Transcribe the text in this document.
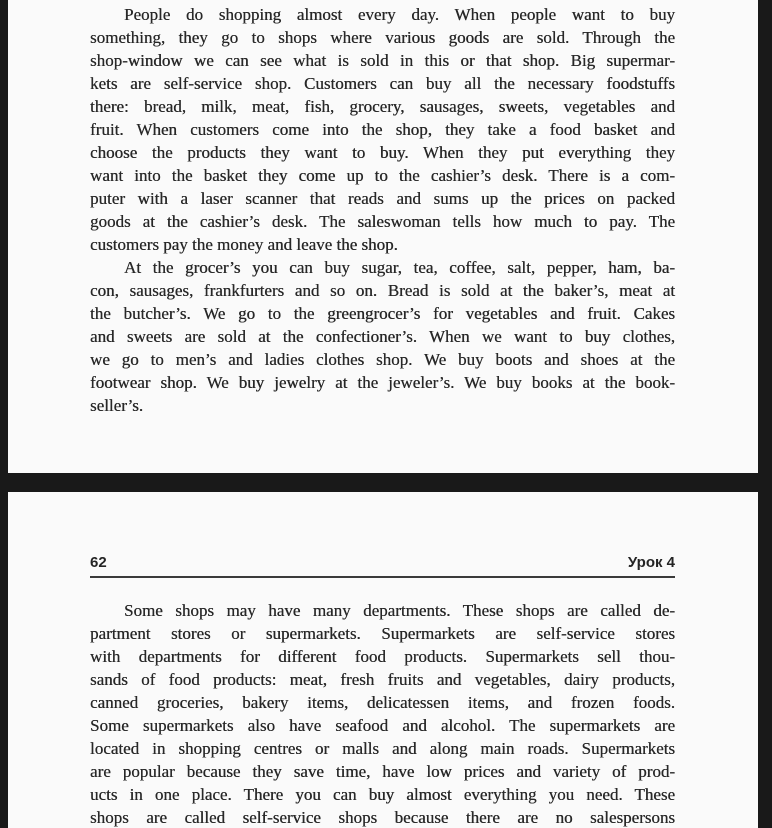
People do shopping almost every day. When people want to buy
something, they go to shops where various goods are sold. Through the
shop-window we can see what is sold in this or that shop. Big supermar-
kets are self-service shop. Customers can buy all the necessary foodstuffs
there: bread, milk, meat, fish, grocery, sausages, sweets, vegetables and
fruit. When customers come into the shop, they take a food basket and
choose the products they want to buy. When they put everything they
want into the basket they come up to the cashier’s desk. There is a com-
puter with a laser scanner that reads and sums up the prices on packed
goods at the cashier’s desk. The saleswoman tells how much to pay. The
customers pay the money and leave the shop.
At the grocer’s you can buy sugar, tea, coffee, salt, pepper, ham, ba-
con, sausages, frankfurters and so on. Bread is sold at the baker’s, meat at
the butcher’s. We go to the greengrocer’s for vegetables and fruit. Cakes
and sweets are sold at the confectioner’s. When we want to buy clothes,
we go to men’s and ladies clothes shop. We buy boots and shoes at the
footwear shop. We buy jewelry at the jeweler’s. We buy books at the book-
seller’s.
62	Урок 4
Some shops may have many departments. These shops are called de-
partment stores or supermarkets. Supermarkets are self-service stores
with departments for different food products. Supermarkets sell thou-
sands of food products: meat, fresh fruits and vegetables, dairy products,
canned groceries, bakery items, delicatessen items, and frozen foods.
Some supermarkets also have seafood and alcohol. The supermarkets are
located in shopping centres or malls and along main roads. Supermarkets
are popular because they save time, have low prices and variety of prod-
ucts in one place. There you can buy almost everything you need. These
shops are called self-service shops because there are no salespersons
